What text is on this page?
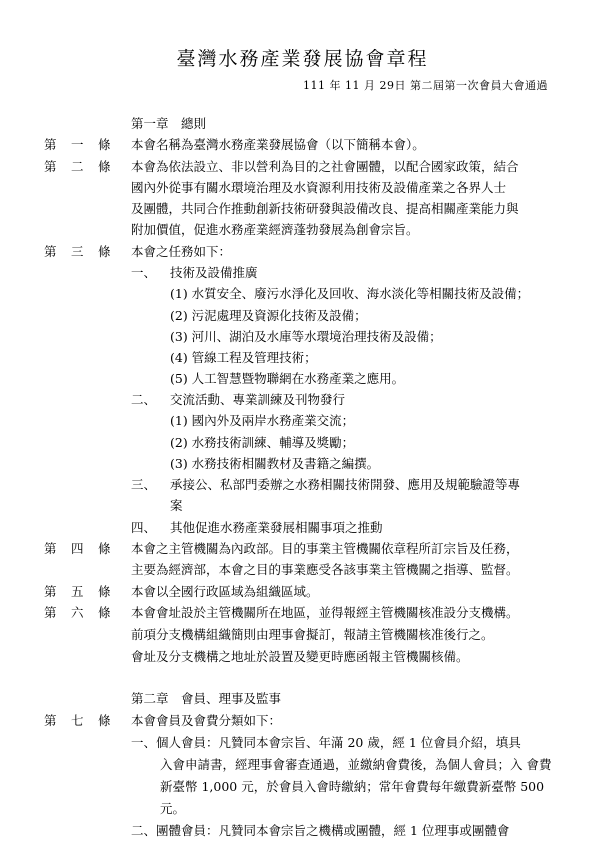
臺灣水務產業發展協會章程
111 年 11 月 29日 第二屆第一次會員大會通過
第一章　總則
第 一 條	本會名稱為臺灣水務產業發展協會（以下簡稱本會）。
第 二 條	本會為依法設立、非以營利為目的之社會團體，以配合國家政策，結合
國內外從事有關水環境治理及水資源利用技術及設備產業之各界人士
及團體，共同合作推動創新技術研發與設備改良、提高相關產業能力與
附加價值，促進水務產業經濟蓬勃發展為創會宗旨。
第 三 條	本會之任務如下：
一、 技術及設備推廣
(1) 水質安全、廢污水淨化及回收、海水淡化等相關技術及設備；
(2) 污泥處理及資源化技術及設備；
(3) 河川、湖泊及水庫等水環境治理技術及設備；
(4) 管線工程及管理技術；
(5) 人工智慧暨物聯網在水務產業之應用。
二、 交流活動、專業訓練及刊物發行
(1) 國內外及兩岸水務產業交流；
(2) 水務技術訓練、輔導及獎勵；
(3) 水務技術相關教材及書籍之編撰。
三、 承接公、私部門委辦之水務相關技術開發、應用及規範驗證等專
案
四、 其他促進水務產業發展相關事項之推動
第 四 條	本會之主管機關為內政部。目的事業主管機關依章程所訂宗旨及任務，
主要為經濟部，本會之目的事業應受各該事業主管機關之指導、監督。
第 五 條	本會以全國行政區域為組織區域。
第 六 條	本會會址設於主管機關所在地區，並得報經主管機關核准設分支機構。
前項分支機構組織簡則由理事會擬訂，報請主管機關核准後行之。
會址及分支機構之地址於設置及變更時應函報主管機關核備。
第二章　會員、理事及監事
第 七 條	本會會員及會費分類如下：
一、個人會員：凡贊同本會宗旨、年滿 20 歲，經 1 位會員介紹，填具
入會申請書，經理事會審查通過，並繳納會費後，為個人會員；入 會費
新臺幣 1,000 元，於會員入會時繳納；常年會費每年繳費新臺幣 500
元。
二、團體會員：凡贊同本會宗旨之機構或團體，經 1 位理事或團體會
